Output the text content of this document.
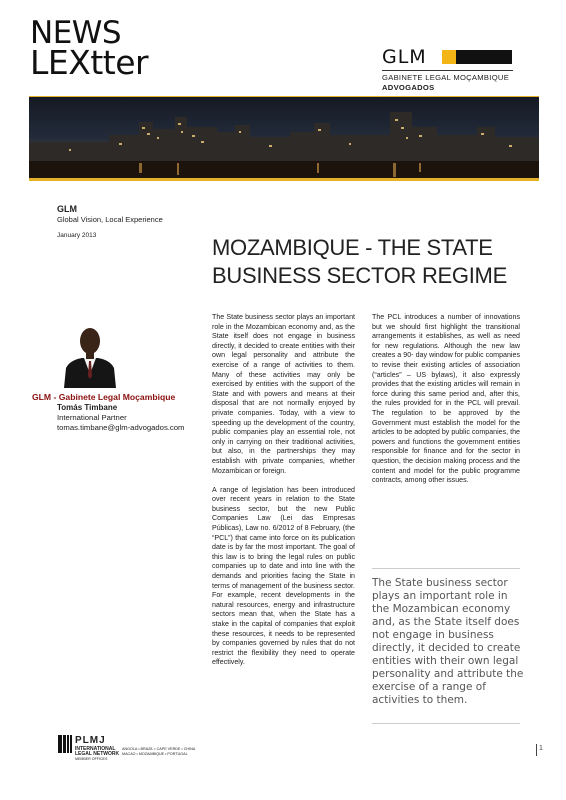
NEWS
LEXtter	GLM
GABINETE LEGAL MOÇAMBIQUE
ADVOGADOS
GLM
Global Vision, Local Experience
January 2013	MOZAMBIQUE - THE STATE
BUSINESS SECTOR REGIME
GLM - Gabinete Legal Moçambique
Tomás Timbane
International Partner
tomas.timbane@glm-advogados.com

The State business sector plays an important role in the Mozambican economy and, as the State itself does not engage in business directly, it decided to create entities with their own legal personality and attribute the exercise of a range of activities to them. Many of these activities may only be exercised by entities with the support of the State and with powers and means at their disposal that are not normally enjoyed by private companies. Today, with a view to speeding up the development of the country, public companies play an essential role, not only in carrying on their traditional activities, but also, in the partnerships they may establish with private companies, whether Mozambican or foreign.

A range of legislation has been introduced over recent years in relation to the State business sector, but the new Public Companies Law (Lei das Empresas Públicas), Law no. 6/2012 of 8 February, (the “PCL”) that came into force on its publication date is by far the most important. The goal of this law is to bring the legal rules on public companies up to date and into line with the demands and priorities facing the State in terms of management of the business sector. For example, recent developments in the natural resources, energy and infrastructure sectors mean that, when the State has a stake in the capital of companies that exploit these resources, it needs to be represented by companies governed by rules that do not restrict the flexibility they need to operate effectively.

The PCL introduces a number of innovations but we should first highlight the transitional arrangements it establishes, as well as need for new regulations. Although the new law creates a 90- day window for public companies to revise their existing articles of association (“articles” – US bylaws), it also expressly provides that the existing articles will remain in force during this same period and, after this, the rules provided for in the PCL will prevail. The regulation to be approved by the Government must establish the model for the articles to be adopted by public companies, the powers and functions the government entities responsible for finance and for the sector in question, the decision making process and the content and model for the public programme contracts, among other issues.

The State business sector plays an important role in the Mozambican economy and, as the State itself does not engage in business directly, it decided to create entities with their own legal personality and attribute the exercise of a range of activities to them.
PLMJ
INTERNATIONAL
LEGAL NETWORK
MEMBER OFFICES
ANGOLA • BRAZIL • CAPE VERDE • CHINA
MACAO • MOZAMBIQUE • PORTUGAL
1
